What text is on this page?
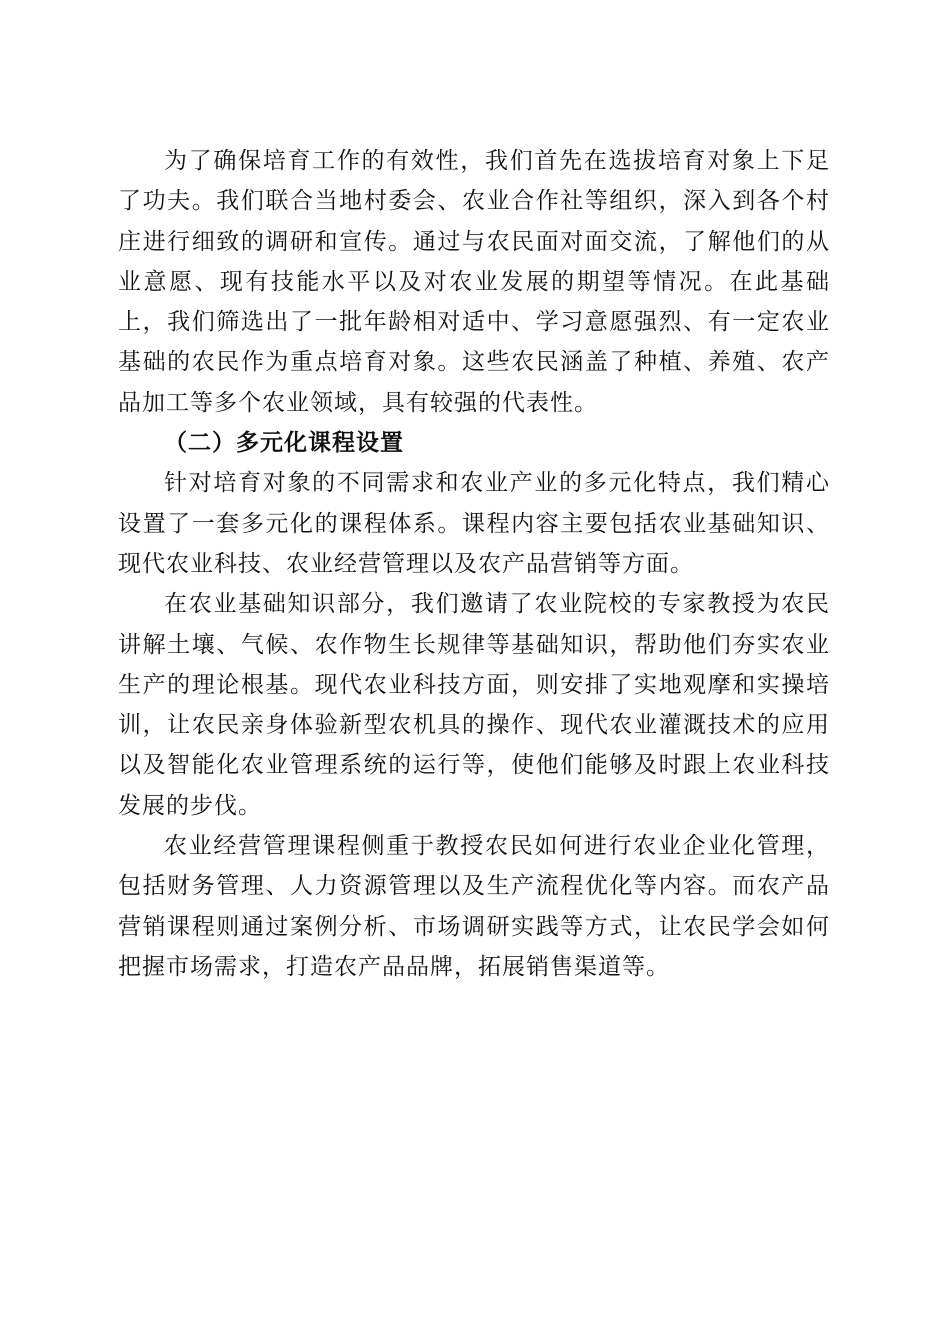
为了确保培育工作的有效性，我们首先在选拔培育对象上下足了功夫。我们联合当地村委会、农业合作社等组织，深入到各个村庄进行细致的调研和宣传。通过与农民面对面交流，了解他们的从业意愿、现有技能水平以及对农业发展的期望等情况。在此基础上，我们筛选出了一批年龄相对适中、学习意愿强烈、有一定农业基础的农民作为重点培育对象。这些农民涵盖了种植、养殖、农产品加工等多个农业领域，具有较强的代表性。

（二）多元化课程设置

针对培育对象的不同需求和农业产业的多元化特点，我们精心设置了一套多元化的课程体系。课程内容主要包括农业基础知识、现代农业科技、农业经营管理以及农产品营销等方面。

在农业基础知识部分，我们邀请了农业院校的专家教授为农民讲解土壤、气候、农作物生长规律等基础知识，帮助他们夯实农业生产的理论根基。现代农业科技方面，则安排了实地观摩和实操培训，让农民亲身体验新型农机具的操作、现代农业灌溉技术的应用以及智能化农业管理系统的运行等，使他们能够及时跟上农业科技发展的步伐。

农业经营管理课程侧重于教授农民如何进行农业企业化管理，包括财务管理、人力资源管理以及生产流程优化等内容。而农产品营销课程则通过案例分析、市场调研实践等方式，让农民学会如何把握市场需求，打造农产品品牌，拓展销售渠道等。
